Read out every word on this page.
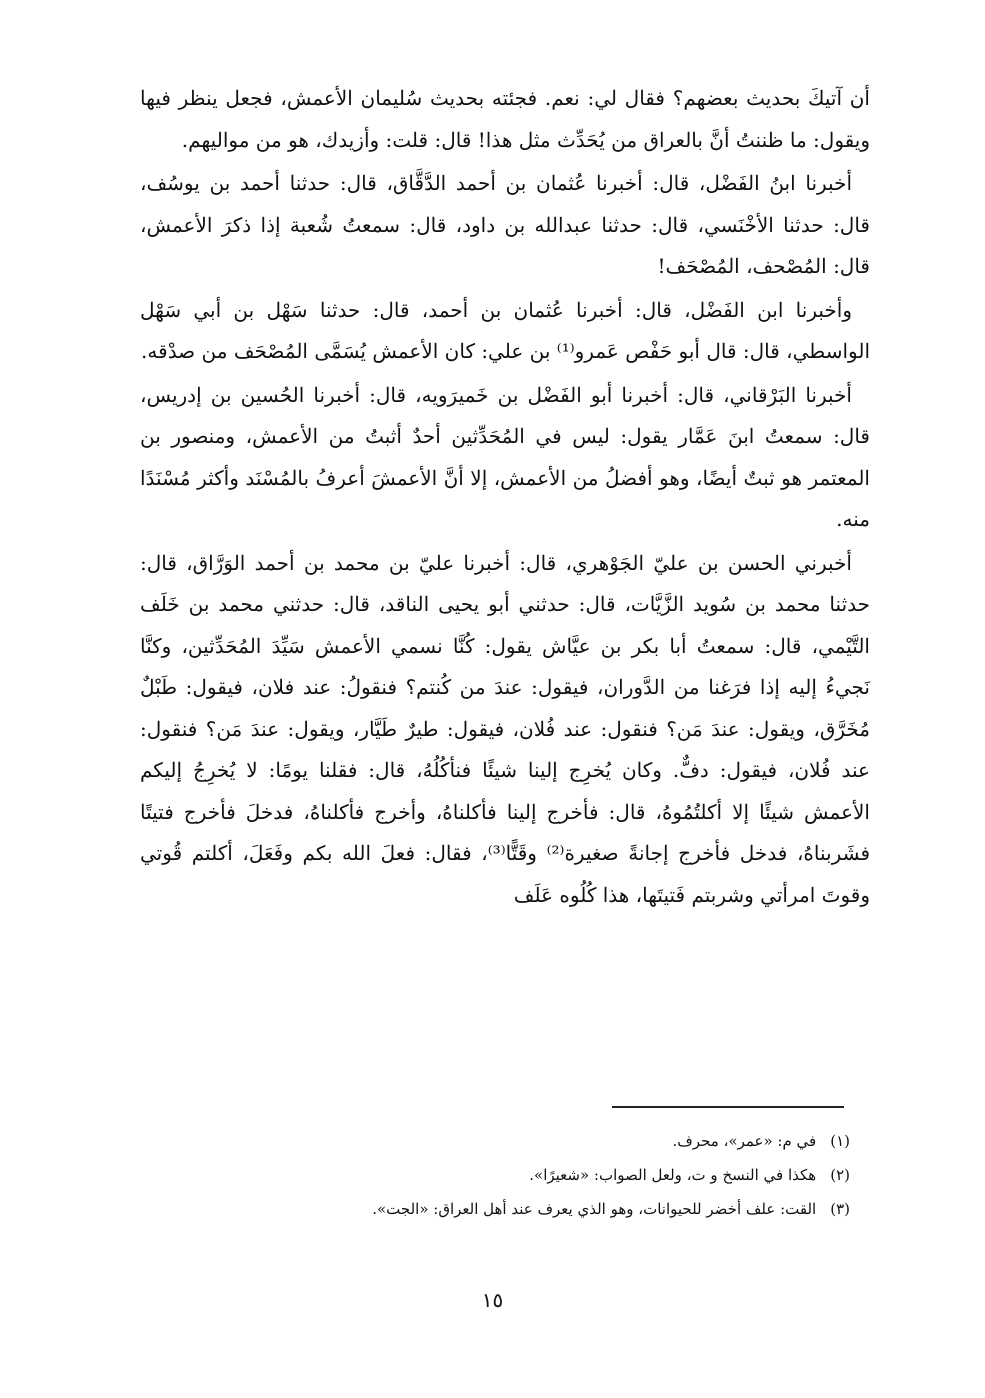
أن آتيكَ بحديث بعضهم؟ فقال لي: نعم. فجئته بحديث سُليمان الأعمش، فجعل ينظر فيها ويقول: ما ظننتُ أنَّ بالعراق من يُحَدِّث مثل هذا! قال: قلت: وأزيدك، هو من مواليهم.

أخبرنا ابنُ الفَضْل، قال: أخبرنا عُثمان بن أحمد الدَّقَّاق، قال: حدثنا أحمد بن يوسُف، قال: حدثنا الأخْنَسي، قال: حدثنا عبدالله بن داود، قال: سمعتُ شُعبة إذا ذكرَ الأعمش، قال: المُصْحف، المُصْحَف!

وأخبرنا ابن الفَضْل، قال: أخبرنا عُثمان بن أحمد، قال: حدثنا سَهْل بن أبي سَهْل الواسطي، قال: قال أبو حَفْص عَمرو⁽¹⁾ بن علي: كان الأعمش يُسَمَّى المُصْحَف من صدْقه.

أخبرنا البَرْقاني، قال: أخبرنا أبو الفَضْل بن خَميرَويه، قال: أخبرنا الحُسين بن إدريس، قال: سمعتُ ابنَ عَمَّار يقول: ليس في المُحَدِّثين أحدٌ أثبتُ من الأعمش، ومنصور بن المعتمر هو ثبتٌ أيضًا، وهو أفضلُ من الأعمش، إلا أنَّ الأعمشَ أعرفُ بالمُسْنَد وأكثر مُسْنَدًا منه.

أخبرني الحسن بن عليّ الجَوْهري، قال: أخبرنا عليّ بن محمد بن أحمد الوَرَّاق، قال: حدثنا محمد بن سُويد الزَّيَّات، قال: حدثني أبو يحيى الناقد، قال: حدثني محمد بن خَلَف التَّيْمي، قال: سمعتُ أبا بكر بن عيَّاش يقول: كُنَّا نسمي الأعمش سَيِّدَ المُحَدِّثين، وكنَّا نَجيءُ إليه إذا فرَغنا من الدَّوران، فيقول: عندَ من كُنتم؟ فنقولُ: عند فلان، فيقول: طَبْلٌ مُخَرَّق، ويقول: عندَ مَن؟ فنقول: عند فُلان، فيقول: طيرٌ طَيَّار، ويقول: عندَ مَن؟ فنقول: عند فُلان، فيقول: دفٌّ. وكان يُخرِج إلينا شيئًا فنأكُلُهُ، قال: فقلنا يومًا: لا يُخرِجُ إليكم الأعمش شيئًا إلا أكلتُمُوهُ، قال: فأخرج إلينا فأكلناهُ، وأخرج فأكلناهُ، فدخلَ فأخرج فتيتًا فشَربناهُ، فدخل فأخرج إجانةً صغيرة⁽²⁾ وقَتًّا⁽³⁾، فقال: فعلَ الله بكم وفَعَلَ، أكلتم قُوتي وقوتَ امرأتي وشربتم فَتيتَها، هذا كُلُوه عَلَف

(١)في م: «عمر»، محرف.

(٢)هكذا في النسخ و ت، ولعل الصواب: «شعيرًا».

(٣)القت: علف أخضر للحيوانات، وهو الذي يعرف عند أهل العراق: «الجت».

١٥
